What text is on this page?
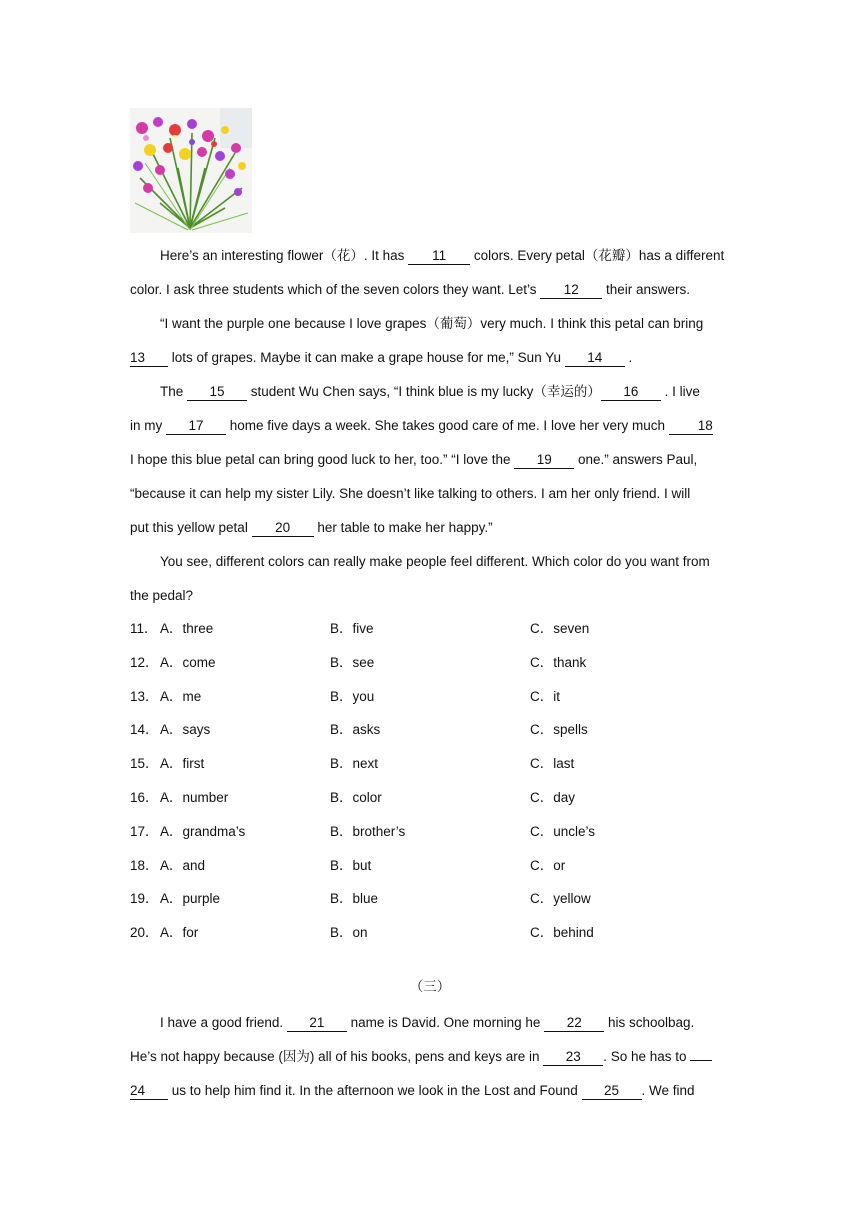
Here’s an interesting flower（花）. It has 11 colors. Every petal（花瓣）has a different
color. I ask three students which of the seven colors they want. Let’s 12 their answers.
“I want the purple one because I love grapes（葡萄）very much. I think this petal can bring
13 lots of grapes. Maybe it can make a grape house for me,” Sun Yu 14 .
The 15 student Wu Chen says, “I think blue is my lucky（幸运的） 16 . I live
in my 17 home five days a week. She takes good care of me. I love her very much 18
I hope this blue petal can bring good luck to her, too.” “I love the 19 one.” answers Paul,
“because it can help my sister Lily. She doesn’t like talking to others. I am her only friend. I will
put this yellow petal 20 her table to make her happy.”
You see, different colors can really make people feel different. Which color do you want from
the pedal?
11． A．three	B．five	C．seven
12． A．come	B．see	C．thank
13． A．me	B．you	C．it
14． A．says	B．asks	C．spells
15． A．first	B．next	C．last
16． A．number	B．color	C．day
17． A．grandma’s	B．brother’s	C．uncle’s
18． A．and	B．but	C．or
19． A．purple	B．blue	C．yellow
20． A．for	B．on	C．behind
（三）
I have a good friend. 21 name is David. One morning he 22 his schoolbag.
He’s not happy because (因为) all of his books, pens and keys are in 23 . So he has to
24 us to help him find it. In the afternoon we look in the Lost and Found 25 . We find
